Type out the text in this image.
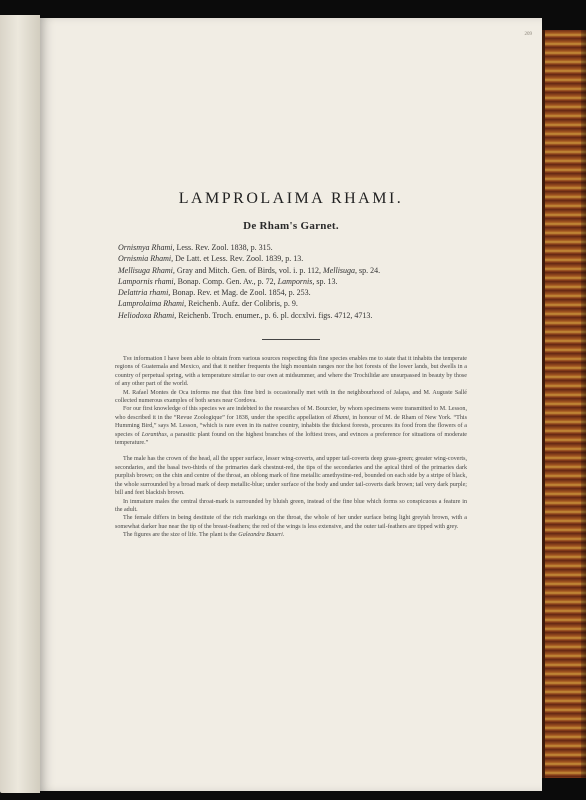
209
LAMPROLAIMA RHAMI.
De Rham's Garnet.
Ornismya Rhami, Less. Rev. Zool. 1838, p. 315.
Ornismia Rhami, De Latt. et Less. Rev. Zool. 1839, p. 13.
Mellisuga Rhami, Gray and Mitch. Gen. of Birds, vol. i. p. 112, Mellisuga, sp. 24.
Lampornis rhami, Bonap. Comp. Gen. Av., p. 72, Lampornis, sp. 13.
Delattria rhami, Bonap. Rev. et Mag. de Zool. 1854, p. 253.
Lamprolaima Rhami, Reichenb. Aufz. der Colibris, p. 9.
Heliodoxa Rhami, Reichenb. Troch. enumer., p. 6. pl. dccxlvi. figs. 4712, 4713.

The information I have been able to obtain from various sources respecting this fine species enables me to state that it inhabits the temperate regions of Guatemala and Mexico, and that it neither frequents the high mountain ranges nor the hot forests of the lower lands, but dwells in a country of perpetual spring, with a temperature similar to our own at midsummer, and where the Trochilidæ are unsurpassed in beauty by those of any other part of the world.

M. Rafael Montes de Oca informs me that this fine bird is occasionally met with in the neighbourhood of Jalapa, and M. Auguste Sallé collected numerous examples of both sexes near Cordova.

For our first knowledge of this species we are indebted to the researches of M. Bourcier, by whom specimens were transmitted to M. Lesson, who described it in the “Revue Zoologique” for 1838, under the specific appellation of Rhami, in honour of M. de Rham of New York. “This Humming Bird,” says M. Lesson, “which is rare even in its native country, inhabits the thickest forests, procures its food from the flowers of a species of Loranthus, a parasitic plant found on the highest branches of the loftiest trees, and evinces a preference for situations of moderate temperature.”

The male has the crown of the head, all the upper surface, lesser wing-coverts, and upper tail-coverts deep grass-green; greater wing-coverts, secondaries, and the basal two-thirds of the primaries dark chestnut-red, the tips of the secondaries and the apical third of the primaries dark purplish brown; on the chin and centre of the throat, an oblong mark of fine metallic amethystine-red, bounded on each side by a stripe of black, the whole surrounded by a broad mark of deep metallic-blue; under surface of the body and under tail-coverts dark brown; tail very dark purple; bill and feet blackish brown.

In immature males the central throat-mark is surrounded by bluish green, instead of the fine blue which forms so conspicuous a feature in the adult.

The female differs in being destitute of the rich markings on the throat, the whole of her under surface being light greyish brown, with a somewhat darker hue near the tip of the breast-feathers; the red of the wings is less extensive, and the outer tail-feathers are tipped with grey.

The figures are the size of life. The plant is the Galeandra Baueri.
